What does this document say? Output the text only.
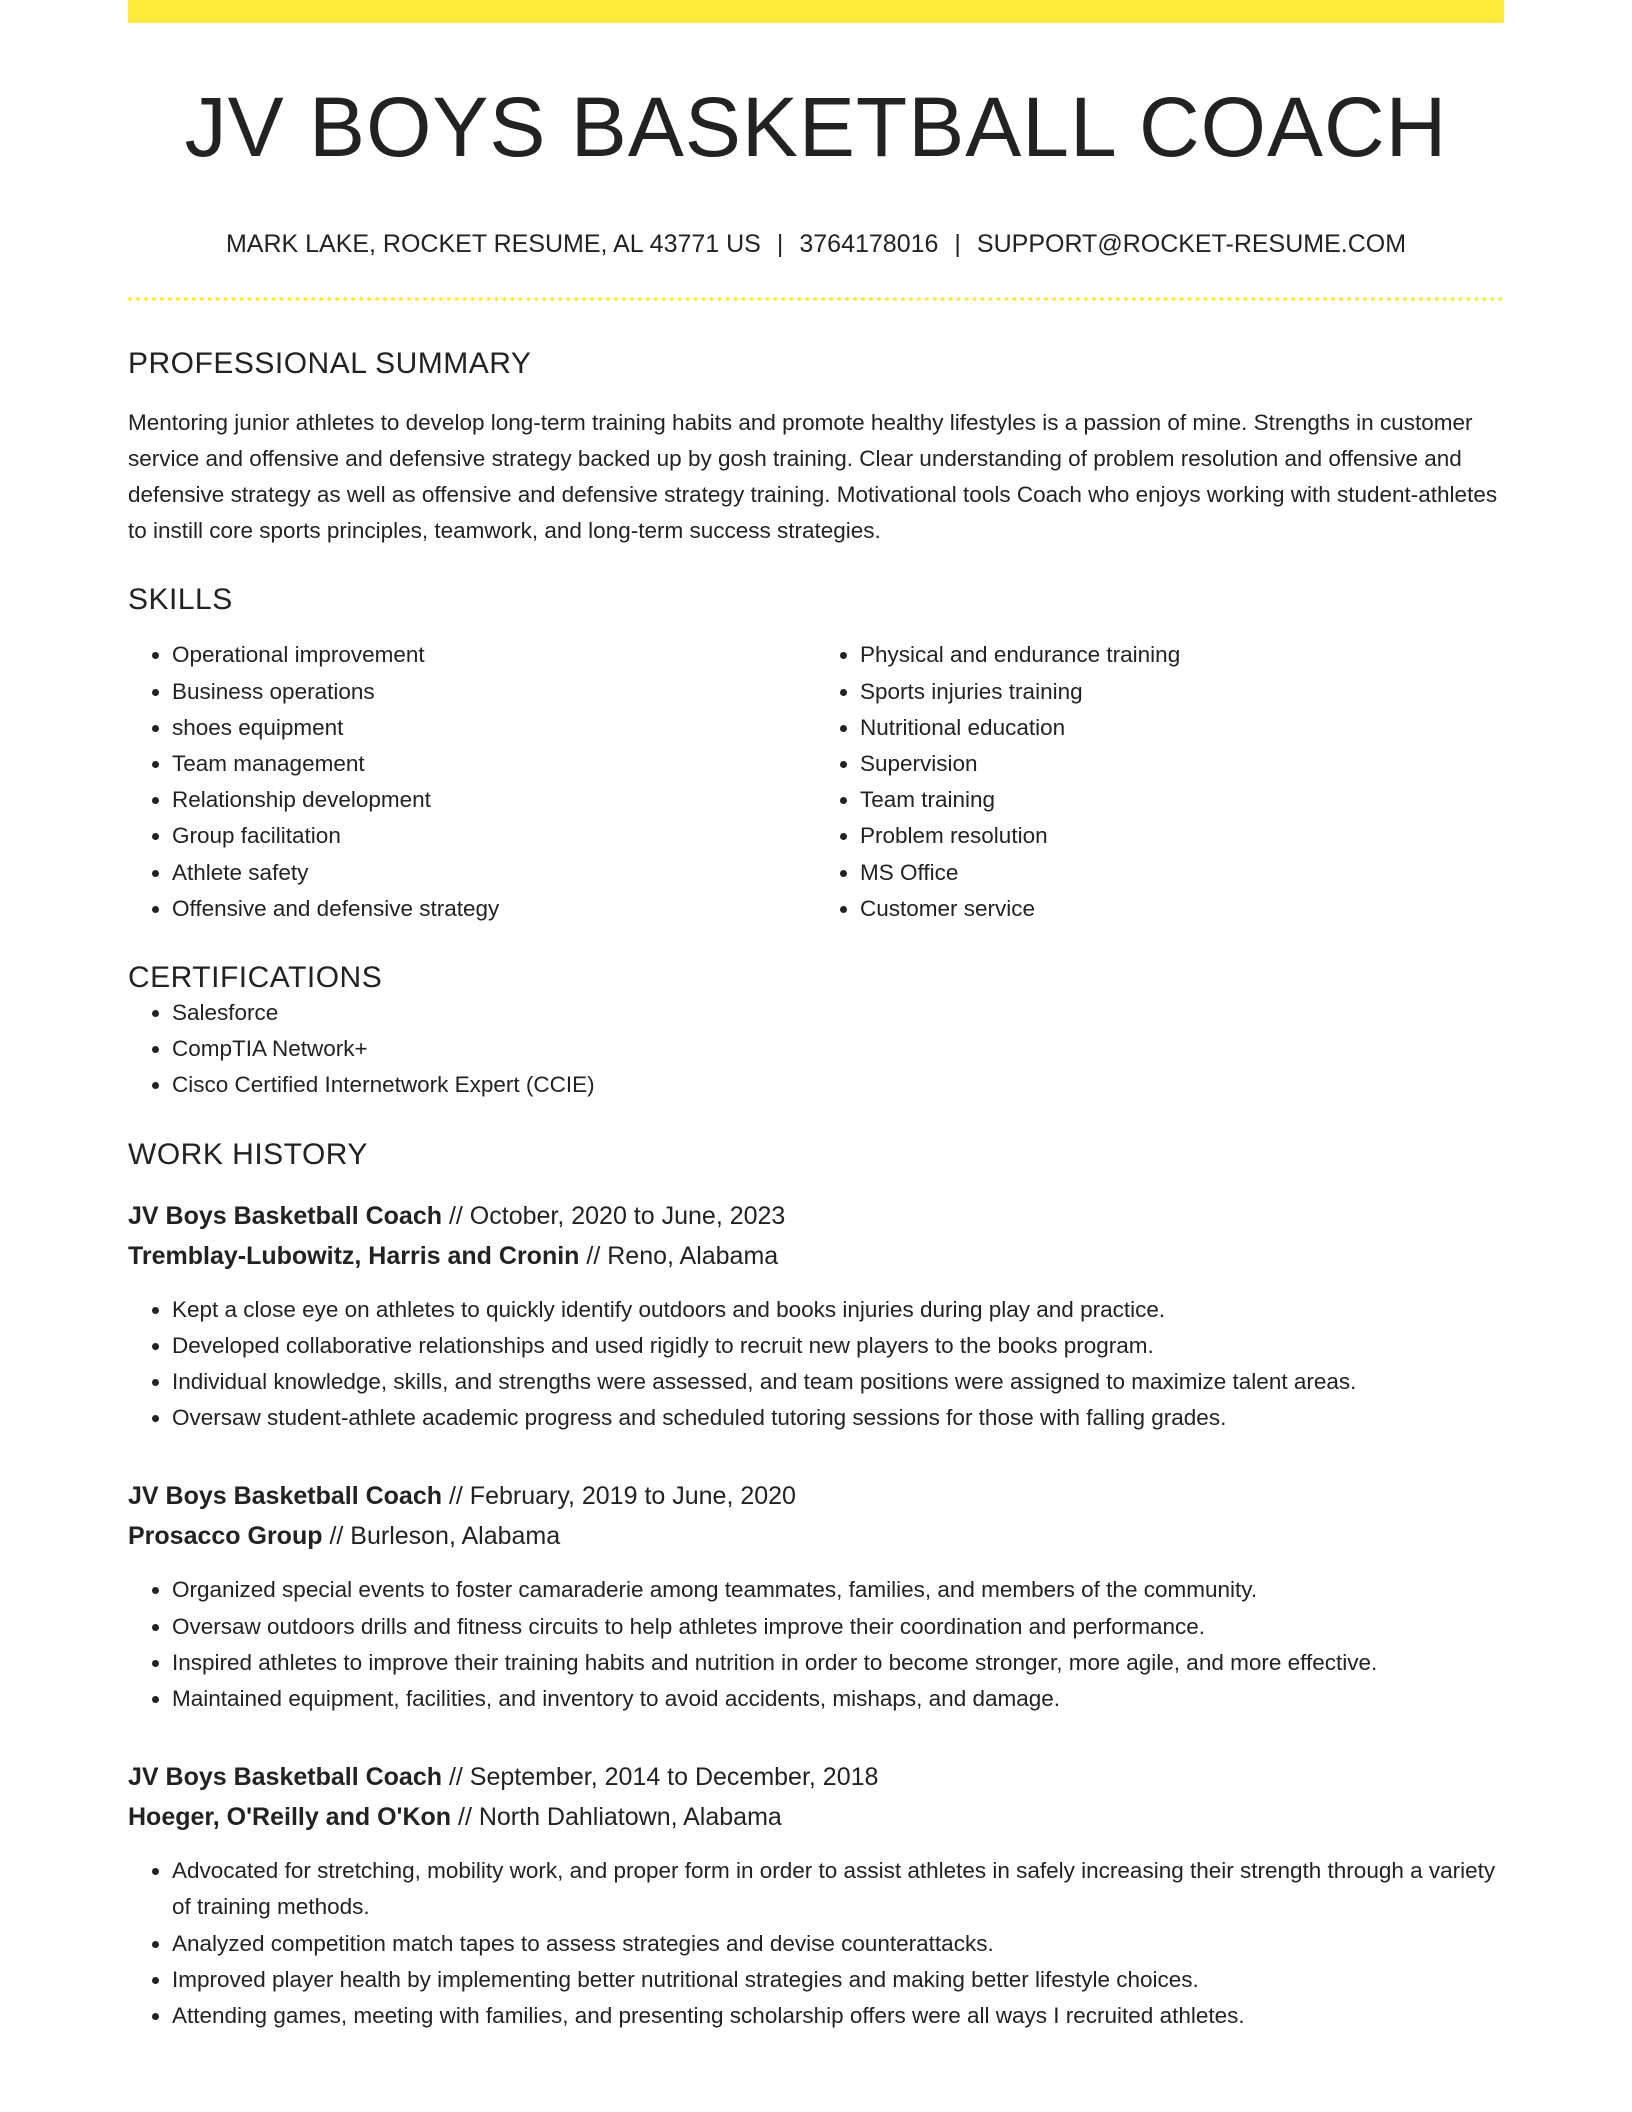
JV BOYS BASKETBALL COACH
MARK LAKE, ROCKET RESUME, AL 43771 US | 3764178016 | SUPPORT@ROCKET-RESUME.COM
PROFESSIONAL SUMMARY
Mentoring junior athletes to develop long-term training habits and promote healthy lifestyles is a passion of mine. Strengths in customer service and offensive and defensive strategy backed up by gosh training. Clear understanding of problem resolution and offensive and defensive strategy as well as offensive and defensive strategy training. Motivational tools Coach who enjoys working with student-athletes to instill core sports principles, teamwork, and long-term success strategies.
SKILLS
• Operational improvement
• Business operations
• shoes equipment
• Team management
• Relationship development
• Group facilitation
• Athlete safety
• Offensive and defensive strategy
• Physical and endurance training
• Sports injuries training
• Nutritional education
• Supervision
• Team training
• Problem resolution
• MS Office
• Customer service
CERTIFICATIONS
• Salesforce
• CompTIA Network+
• Cisco Certified Internetwork Expert (CCIE)
WORK HISTORY
JV Boys Basketball Coach // October, 2020 to June, 2023
Tremblay-Lubowitz, Harris and Cronin // Reno, Alabama
• Kept a close eye on athletes to quickly identify outdoors and books injuries during play and practice.
• Developed collaborative relationships and used rigidly to recruit new players to the books program.
• Individual knowledge, skills, and strengths were assessed, and team positions were assigned to maximize talent areas.
• Oversaw student-athlete academic progress and scheduled tutoring sessions for those with falling grades.
JV Boys Basketball Coach // February, 2019 to June, 2020
Prosacco Group // Burleson, Alabama
• Organized special events to foster camaraderie among teammates, families, and members of the community.
• Oversaw outdoors drills and fitness circuits to help athletes improve their coordination and performance.
• Inspired athletes to improve their training habits and nutrition in order to become stronger, more agile, and more effective.
• Maintained equipment, facilities, and inventory to avoid accidents, mishaps, and damage.
JV Boys Basketball Coach // September, 2014 to December, 2018
Hoeger, O'Reilly and O'Kon // North Dahliatown, Alabama
• Advocated for stretching, mobility work, and proper form in order to assist athletes in safely increasing their strength through a variety of training methods.
• Analyzed competition match tapes to assess strategies and devise counterattacks.
• Improved player health by implementing better nutritional strategies and making better lifestyle choices.
• Attending games, meeting with families, and presenting scholarship offers were all ways I recruited athletes.
